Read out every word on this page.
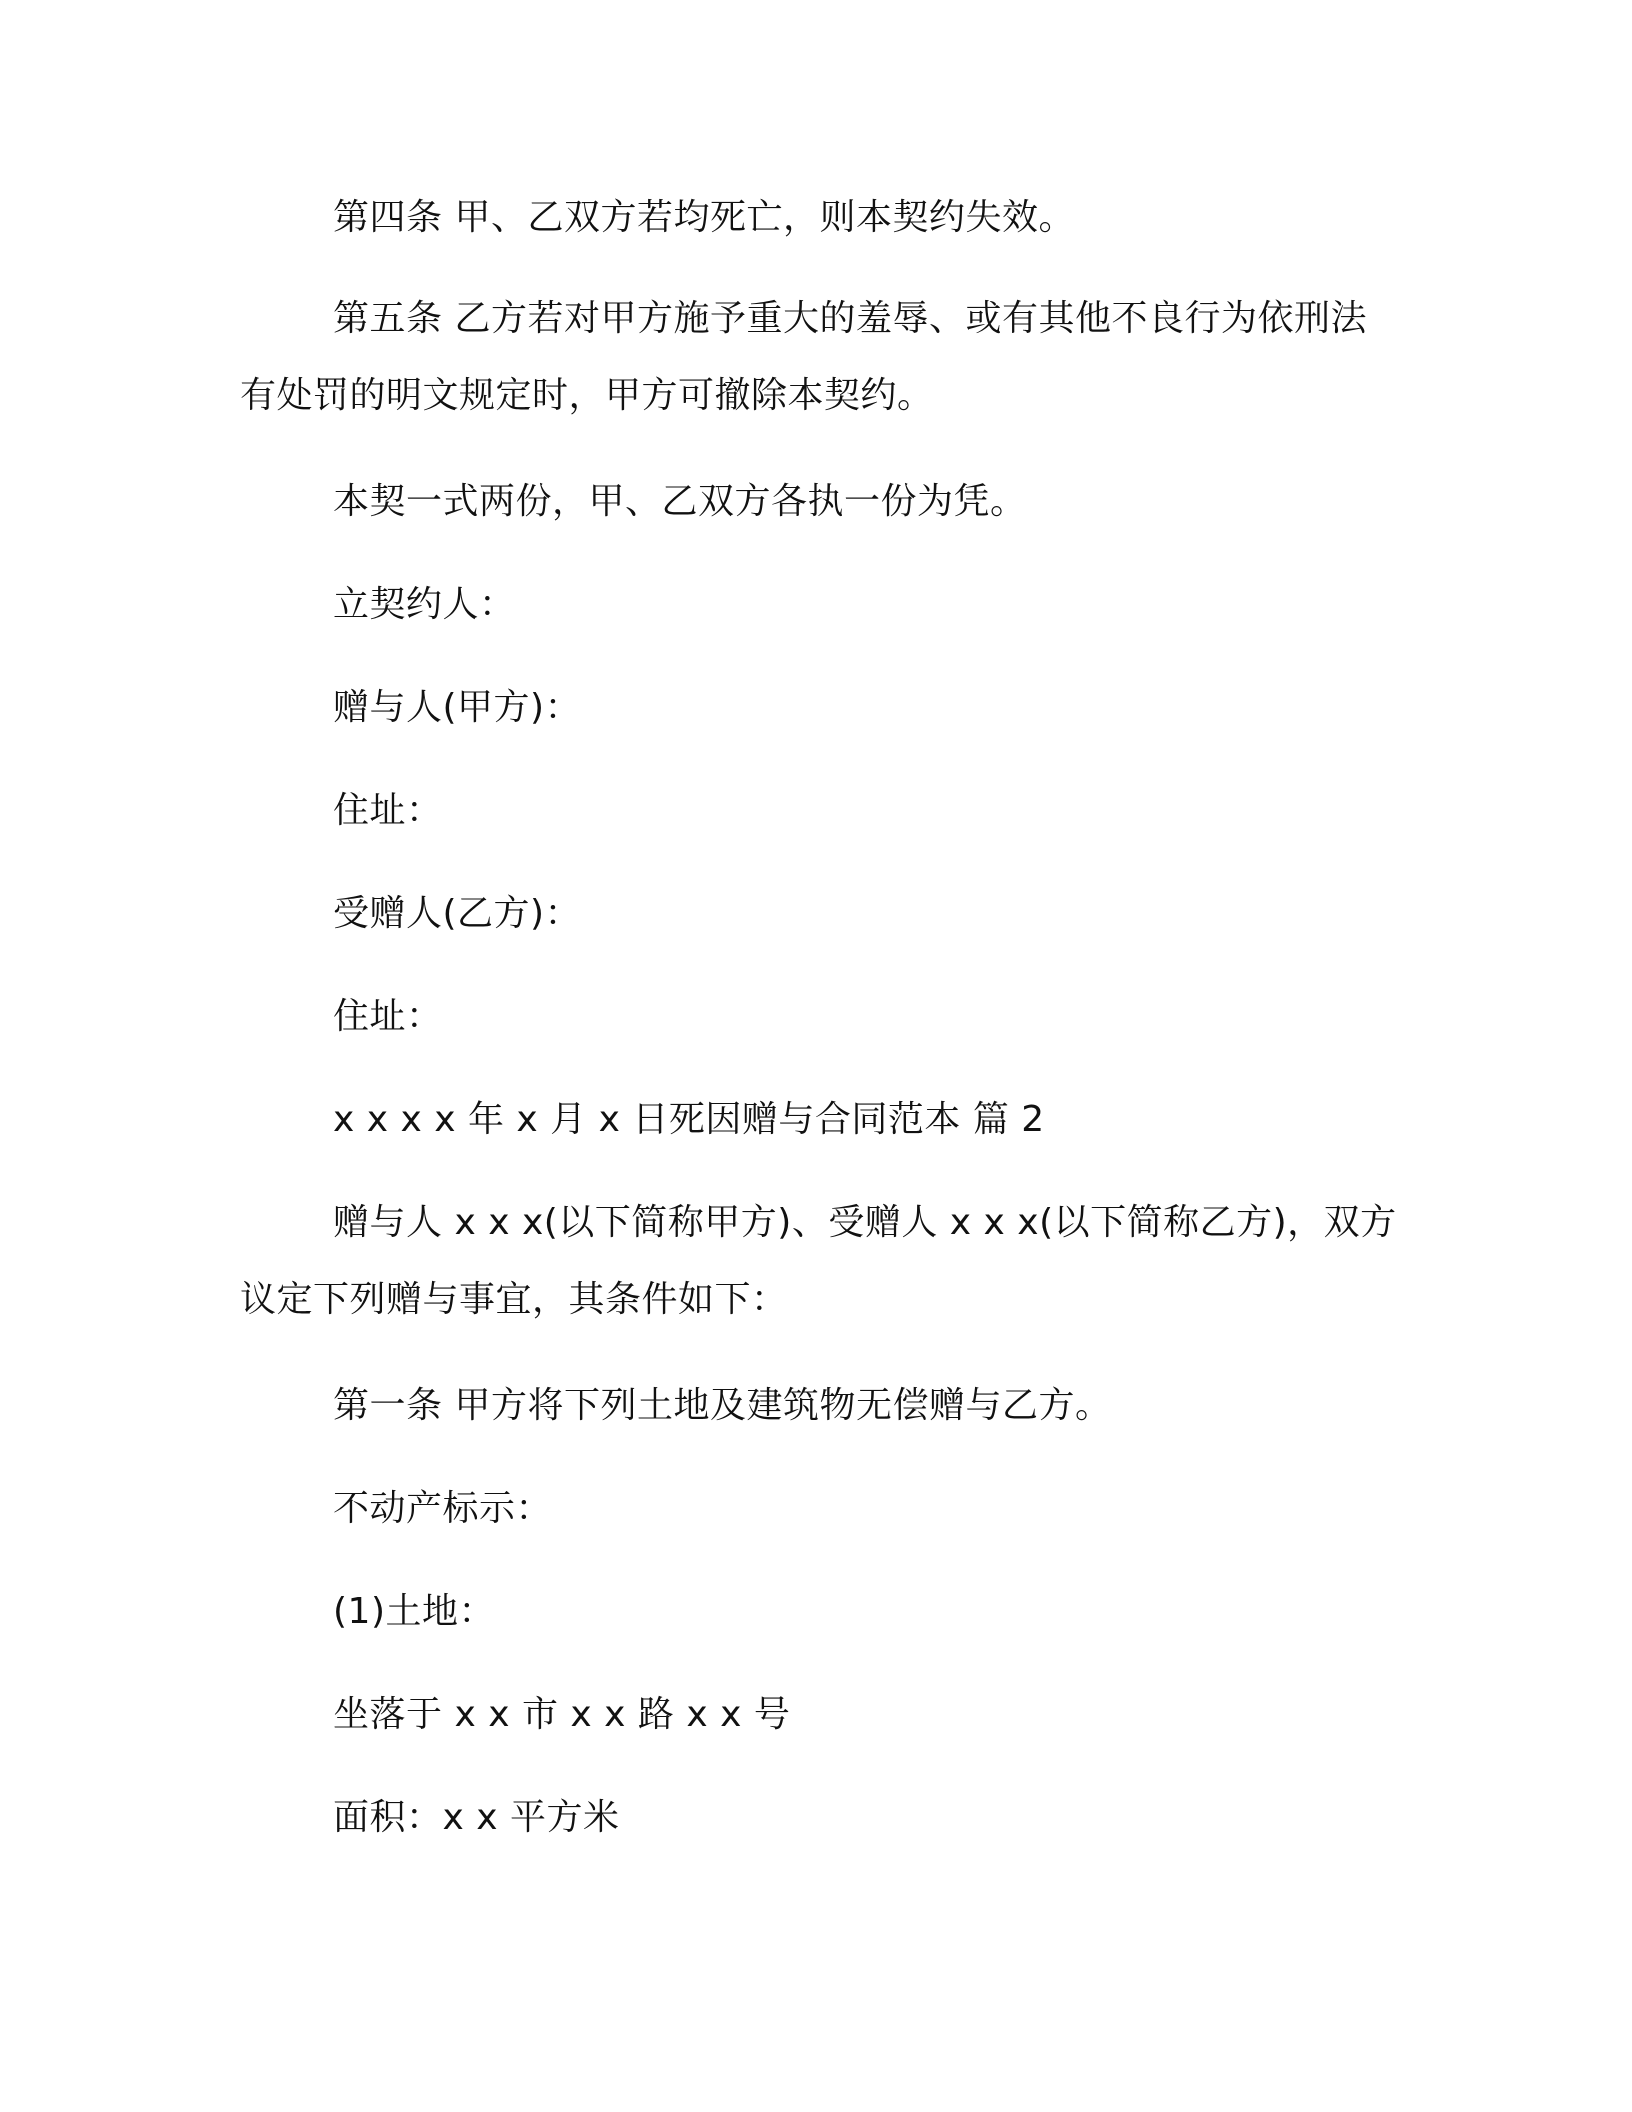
第四条 甲、乙双方若均死亡，则本契约失效。
第五条 乙方若对甲方施予重大的羞辱、或有其他不良行为依刑法
有处罚的明文规定时，甲方可撤除本契约。
本契一式两份，甲、乙双方各执一份为凭。
立契约人：
赠与人(甲方)：
住址：
受赠人(乙方)：
住址：
x x x x 年 x 月 x 日死因赠与合同范本 篇 2
赠与人 x x x(以下简称甲方)、受赠人 x x x(以下简称乙方)，双方
议定下列赠与事宜，其条件如下：
第一条 甲方将下列土地及建筑物无偿赠与乙方。
不动产标示：
(1)土地：
坐落于 x x 市 x x 路 x x 号
面积：x x 平方米
